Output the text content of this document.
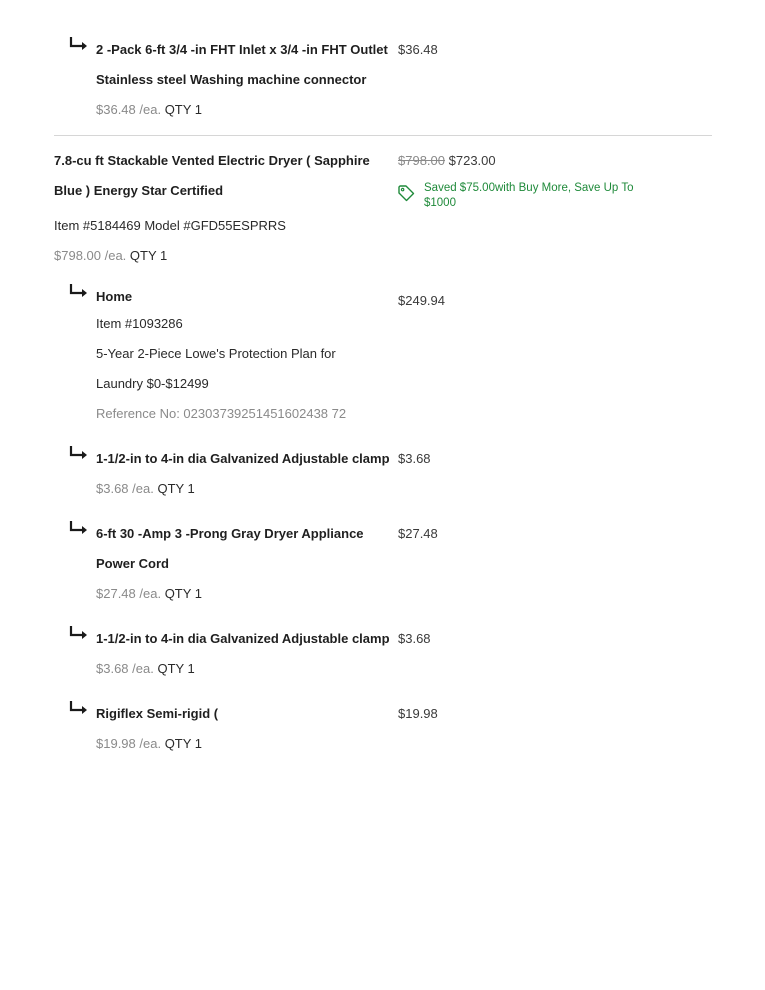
2 -Pack 6-ft 3/4 -in FHT Inlet x 3/4 -in FHT Outlet
Stainless steel Washing machine connector
$36.48 /ea. QTY 1
$36.48
7.8-cu ft Stackable Vented Electric Dryer ( Sapphire
Blue ) Energy Star Certified
Item #5184469 Model #GFD55ESPRRS
$798.00 /ea. QTY 1
$798.00 $723.00
Saved $75.00with Buy More, Save Up To
$1000
Home
Item #1093286
5-Year 2-Piece Lowe's Protection Plan for
Laundry $0-$12499
Reference No: 02303739251451602438 72
$249.94
1-1/2-in to 4-in dia Galvanized Adjustable clamp
$3.68 /ea. QTY 1
$3.68
6-ft 30 -Amp 3 -Prong Gray Dryer Appliance
Power Cord
$27.48 /ea. QTY 1
$27.48
1-1/2-in to 4-in dia Galvanized Adjustable clamp
$3.68 /ea. QTY 1
$3.68
Rigiflex Semi-rigid (
$19.98 /ea. QTY 1
$19.98
